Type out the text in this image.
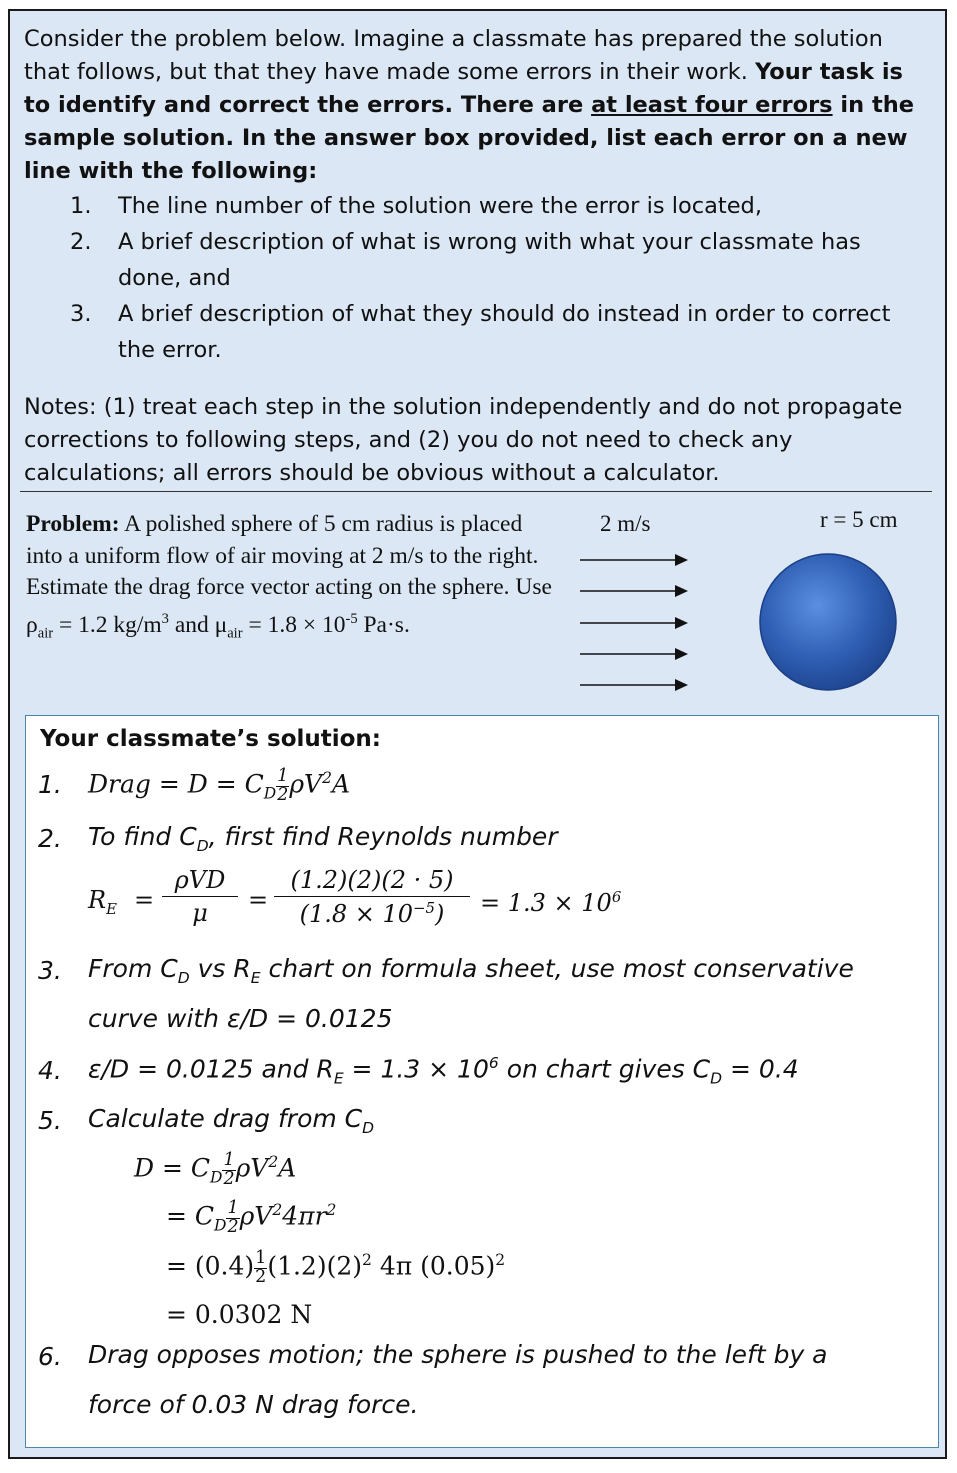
Consider the problem below. Imagine a classmate has prepared the solution that follows, but that they have made some errors in their work. Your task is to identify and correct the errors. There are at least four errors in the sample solution. In the answer box provided, list each error on a new line with the following:

1. The line number of the solution were the error is located,
2. A brief description of what is wrong with what your classmate has done, and
3. A brief description of what they should do instead in order to correct the error.

Notes: (1) treat each step in the solution independently and do not propagate corrections to following steps, and (2) you do not need to check any calculations; all errors should be obvious without a calculator.

Problem: A polished sphere of 5 cm radius is placed into a uniform flow of air moving at 2 m/s to the right. Estimate the drag force vector acting on the sphere. Use $\rho_{air} = 1.2$ $kg/m^3$ and $\mu_{air} = 1.8 \times 10^{-5}$ Pa·s.
2 m/s	r = 5 cm
Your classmate’s solution:
1. Drag = $D = C_D \frac{1}{2} \rho V^2A$
2. To find $C_D$, first find Reynolds number
$R_E$ =
ρVD
μ	= $\frac{(1.2)(2)(2 \cdot 5)}{(1.8 \times 10^{-5})} = 1.3 \times 10^6$
3. From $C_D$ vs $R_E$ chart on formula sheet, use most conservative
curve with ε/D = 0.0125
4. ε/D = 0.0125 and $R_E = 1.3 \times 10^6$ on chart gives $C_D = 0.4$
5. Calculate drag from $C_D$
$D = C_D \frac{1}{2} \rho V^2A$
= $C_D \frac{1}{2} \rho V^24\pi r^2$
= $(0.4) \frac{1}{2} (1.2)(2)^2$ 4π $(0.05)^2$
= 0.0302 N
6. Drag opposes motion; the sphere is pushed to the left by a
force of 0.03 N drag force.
